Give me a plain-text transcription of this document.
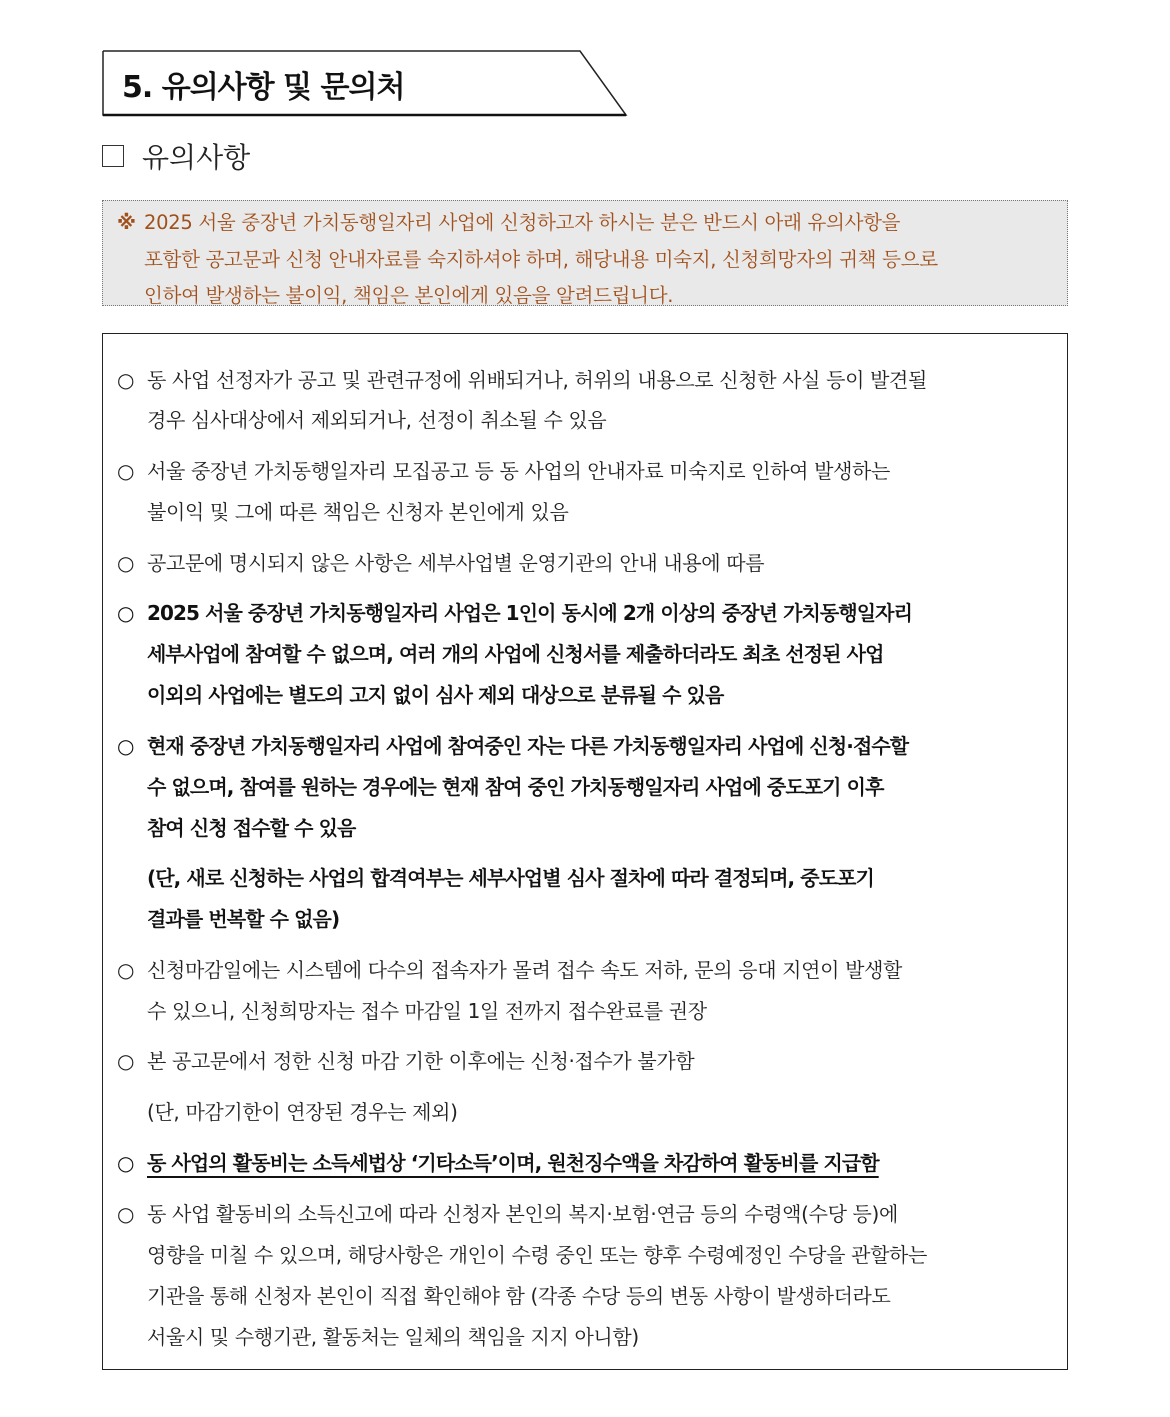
5. 유의사항 및 문의처
유의사항
※ 2025 서울 중장년 가치동행일자리 사업에 신청하고자 하시는 분은 반드시 아래 유의사항을
포함한 공고문과 신청 안내자료를 숙지하셔야 하며, 해당내용 미숙지, 신청희망자의 귀책 등으로
인하여 발생하는 불이익, 책임은 본인에게 있음을 알려드립니다.
○ 동 사업 선정자가 공고 및 관련규정에 위배되거나, 허위의 내용으로 신청한 사실 등이 발견될
경우 심사대상에서 제외되거나, 선정이 취소될 수 있음
○ 서울 중장년 가치동행일자리 모집공고 등 동 사업의 안내자료 미숙지로 인하여 발생하는
불이익 및 그에 따른 책임은 신청자 본인에게 있음
○ 공고문에 명시되지 않은 사항은 세부사업별 운영기관의 안내 내용에 따름
○ 2025 서울 중장년 가치동행일자리 사업은 1인이 동시에 2개 이상의 중장년 가치동행일자리
세부사업에 참여할 수 없으며, 여러 개의 사업에 신청서를 제출하더라도 최초 선정된 사업
이외의 사업에는 별도의 고지 없이 심사 제외 대상으로 분류될 수 있음
○ 현재 중장년 가치동행일자리 사업에 참여중인 자는 다른 가치동행일자리 사업에 신청·접수할
수 없으며, 참여를 원하는 경우에는 현재 참여 중인 가치동행일자리 사업에 중도포기 이후
참여 신청 접수할 수 있음
(단, 새로 신청하는 사업의 합격여부는 세부사업별 심사 절차에 따라 결정되며, 중도포기
결과를 번복할 수 없음)
○ 신청마감일에는 시스템에 다수의 접속자가 몰려 접수 속도 저하, 문의 응대 지연이 발생할
수 있으니, 신청희망자는 접수 마감일 1일 전까지 접수완료를 권장
○ 본 공고문에서 정한 신청 마감 기한 이후에는 신청·접수가 불가함
(단, 마감기한이 연장된 경우는 제외)
○ 동 사업의 활동비는 소득세법상 ‘기타소득’이며, 원천징수액을 차감하여 활동비를 지급함
○ 동 사업 활동비의 소득신고에 따라 신청자 본인의 복지·보험·연금 등의 수령액(수당 등)에
영향을 미칠 수 있으며, 해당사항은 개인이 수령 중인 또는 향후 수령예정인 수당을 관할하는
기관을 통해 신청자 본인이 직접 확인해야 함 (각종 수당 등의 변동 사항이 발생하더라도
서울시 및 수행기관, 활동처는 일체의 책임을 지지 아니함)
